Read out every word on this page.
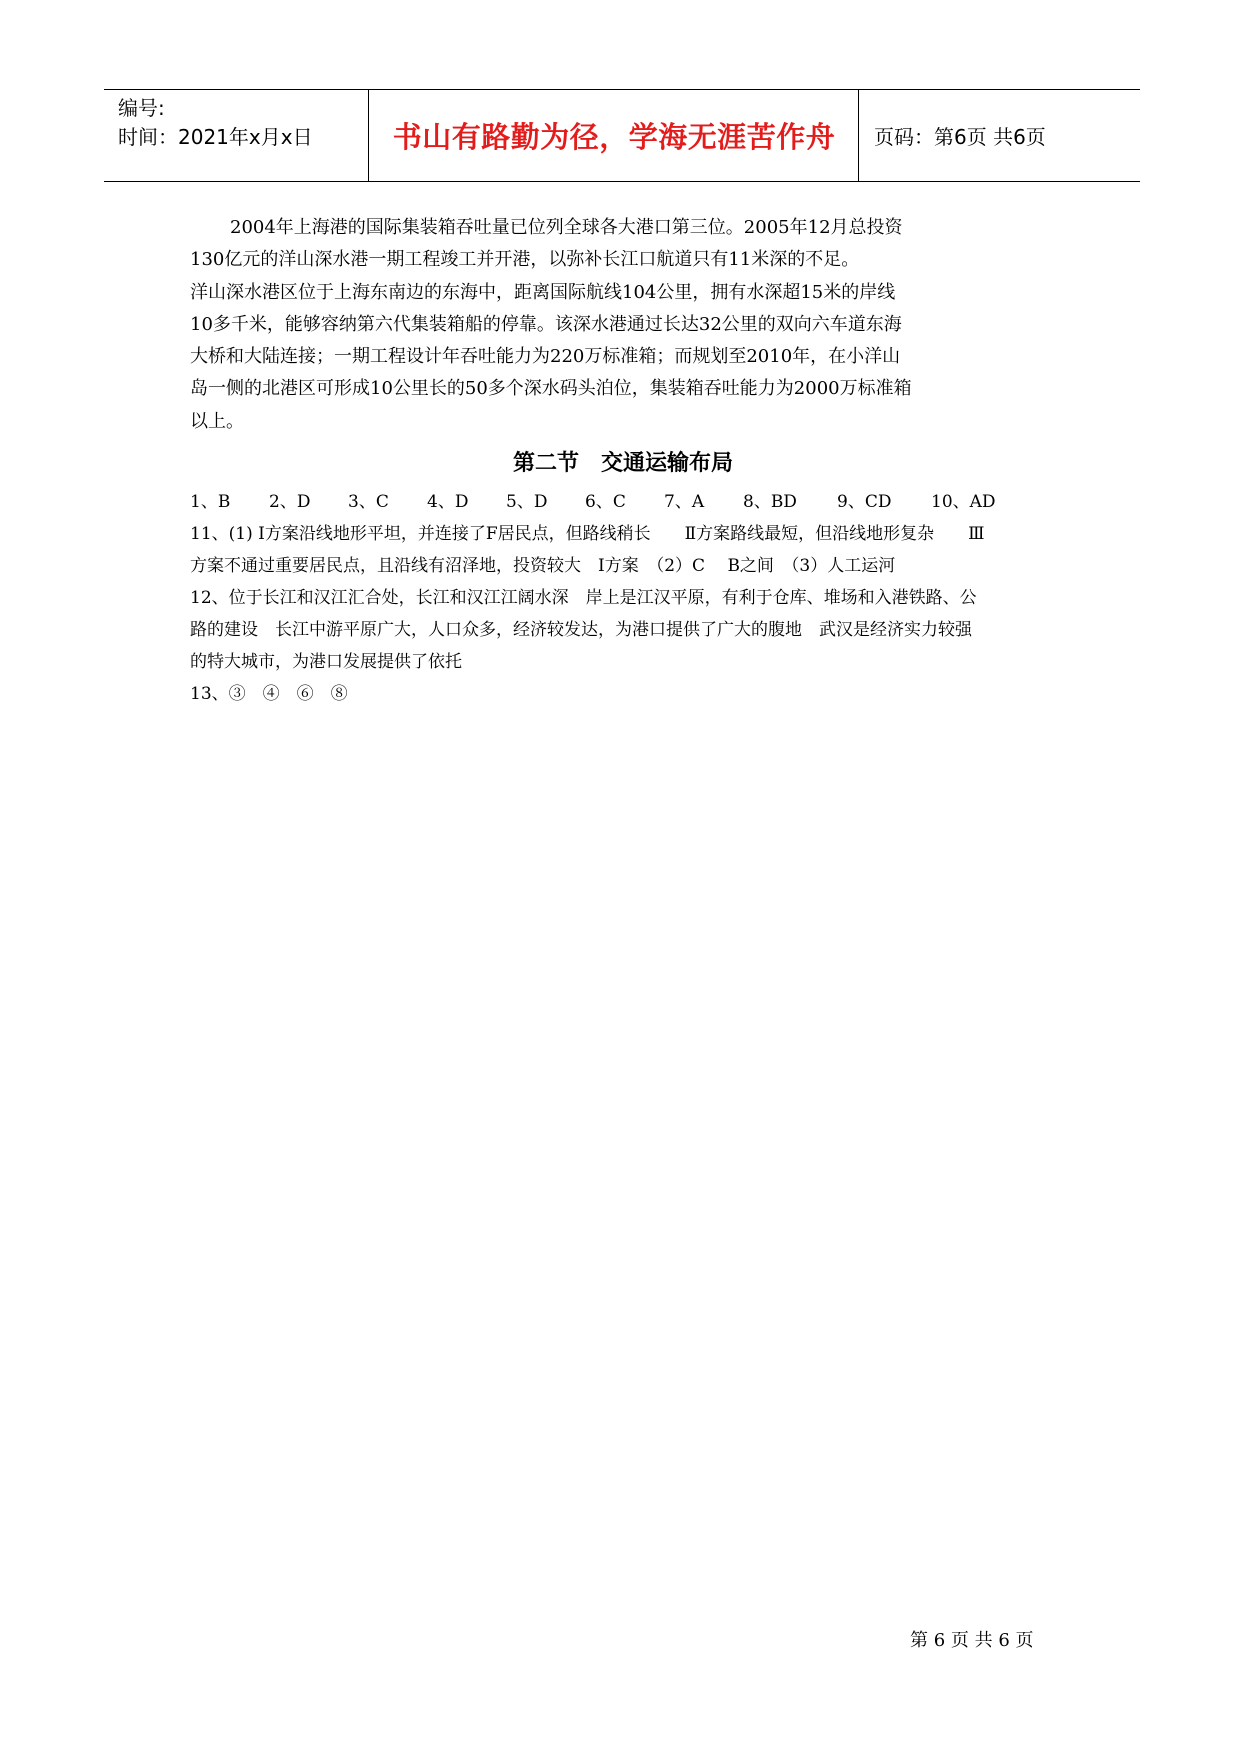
编号:
时间：2021年x月x日	书山有路勤为径，学海无涯苦作舟	页码：第6页 共6页
2004年上海港的国际集装箱吞吐量已位列全球各大港口第三位。2005年12月总投资
130亿元的洋山深水港一期工程竣工并开港，以弥补长江口航道只有11米深的不足。
洋山深水港区位于上海东南边的东海中，距离国际航线104公里，拥有水深超15米的岸线
10多千米，能够容纳第六代集装箱船的停靠。该深水港通过长达32公里的双向六车道东海
大桥和大陆连接；一期工程设计年吞吐能力为220万标准箱；而规划至2010年，在小洋山
岛一侧的北港区可形成10公里长的50多个深水码头泊位，集装箱吞吐能力为2000万标准箱
以上。
第二节　交通运输布局
1、B	2、D	3、C	4、D	5、D	6、C	7、A	8、BD	9、CD	10、AD
11、(1) Ⅰ方案沿线地形平坦，并连接了F居民点，但路线稍长　　Ⅱ方案路线最短，但沿线地形复杂　　Ⅲ
方案不通过重要居民点，且沿线有沼泽地，投资较大　Ⅰ方案　（2）C　 B之间　（3）人工运河
12、位于长江和汉江汇合处，长江和汉江江阔水深　岸上是江汉平原，有利于仓库、堆场和入港铁路、公
路的建设　长江中游平原广大，人口众多，经济较发达，为港口提供了广大的腹地　武汉是经济实力较强
的特大城市，为港口发展提供了依托
13、③　④　⑥　⑧
第 6 页 共 6 页
